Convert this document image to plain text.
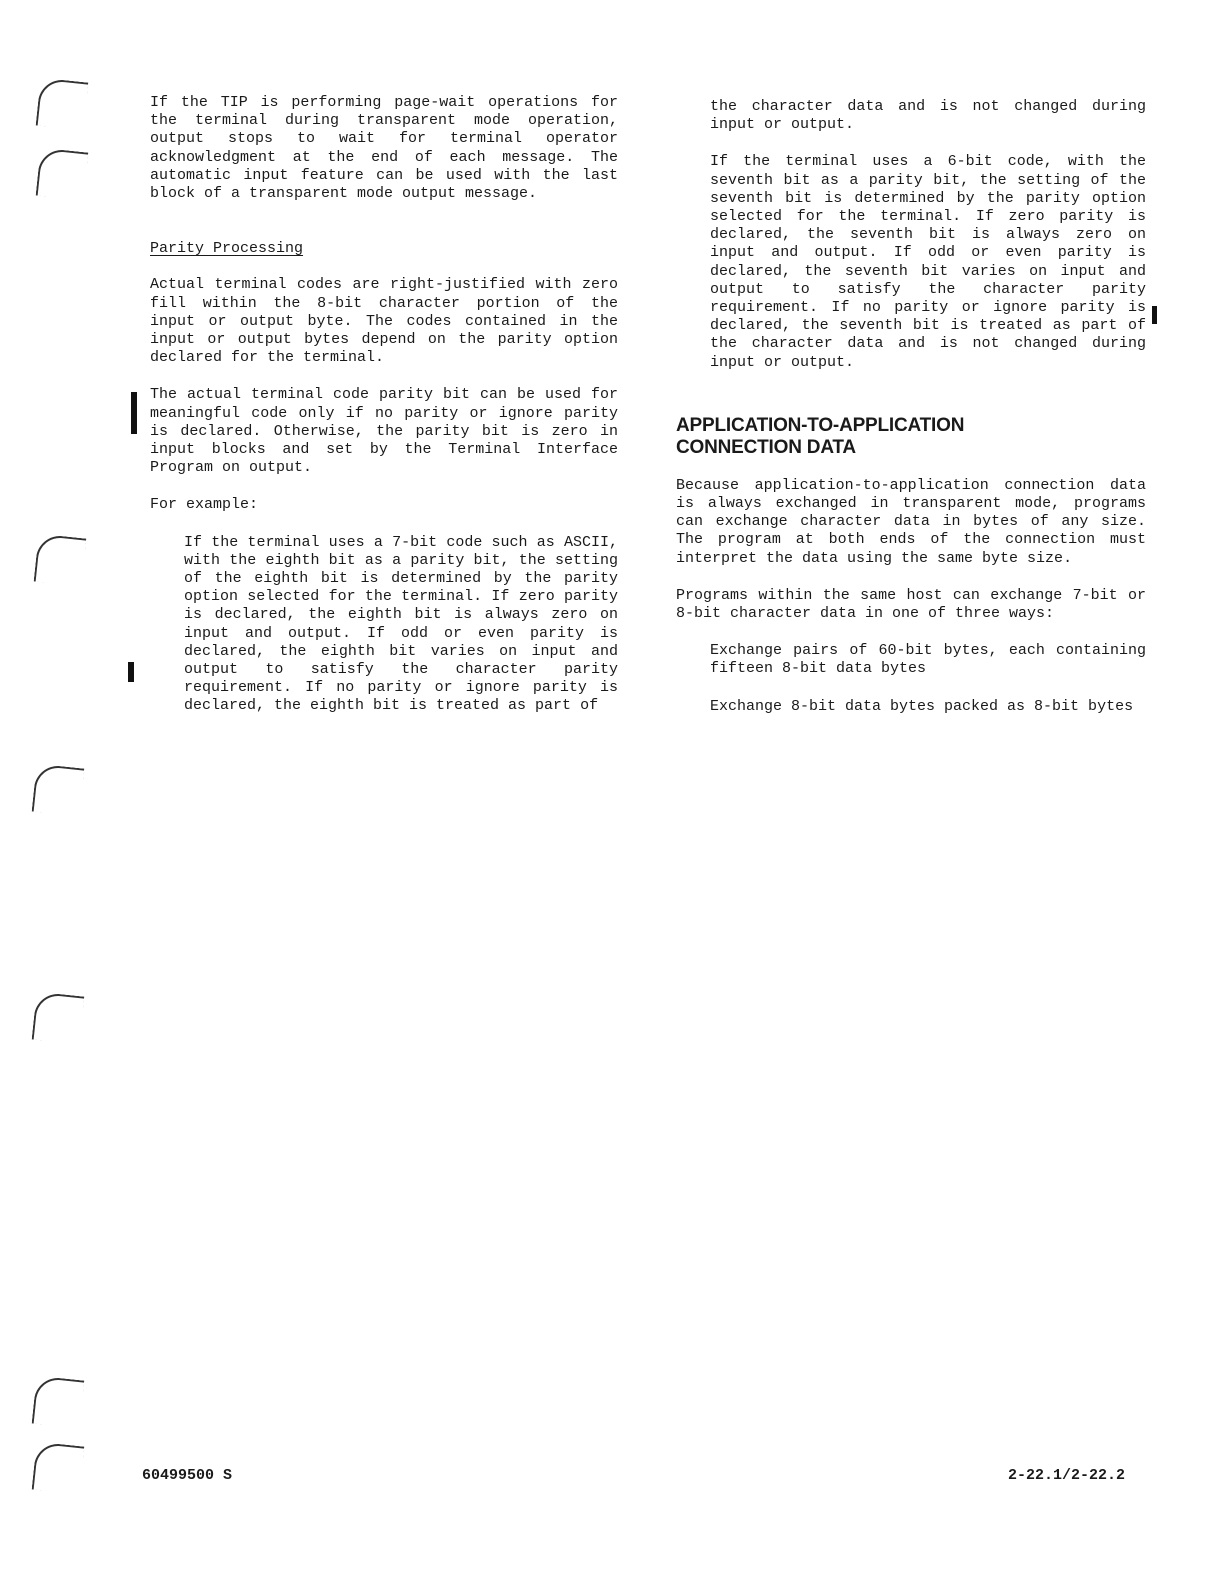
If the TIP is performing page-wait operations for the terminal during transparent mode operation, output stops to wait for terminal operator acknowledgment at the end of each message. The automatic input feature can be used with the last block of a transparent mode output message.

Parity Processing

Actual terminal codes are right-justified with zero fill within the 8-bit character portion of the input or output byte. The codes contained in the input or output bytes depend on the parity option declared for the terminal.

The actual terminal code parity bit can be used for meaningful code only if no parity or ignore parity is declared. Otherwise, the parity bit is zero in input blocks and set by the Terminal Interface Program on output.

For example:

If the terminal uses a 7-bit code such as ASCII, with the eighth bit as a parity bit, the setting of the eighth bit is determined by the parity option selected for the terminal. If zero parity is declared, the eighth bit is always zero on input and output. If odd or even parity is declared, the eighth bit varies on input and output to satisfy the character parity requirement. If no parity or ignore parity is declared, the eighth bit is treated as part of

the character data and is not changed during input or output.

If the terminal uses a 6-bit code, with the seventh bit as a parity bit, the setting of the seventh bit is determined by the parity option selected for the terminal. If zero parity is declared, the seventh bit is always zero on input and output. If odd or even parity is declared, the seventh bit varies on input and output to satisfy the character parity requirement. If no parity or ignore parity is declared, the seventh bit is treated as part of the character data and is not changed during input or output.

APPLICATION-TO-APPLICATION
CONNECTION DATA

Because application-to-application connection data is always exchanged in transparent mode, programs can exchange character data in bytes of any size. The program at both ends of the connection must interpret the data using the same byte size.

Programs within the same host can exchange 7-bit or 8-bit character data in one of three ways:

Exchange pairs of 60-bit bytes, each containing fifteen 8-bit data bytes

Exchange 8-bit data bytes packed as 8-bit bytes

60499500 S	2-22.1/2-22.2
